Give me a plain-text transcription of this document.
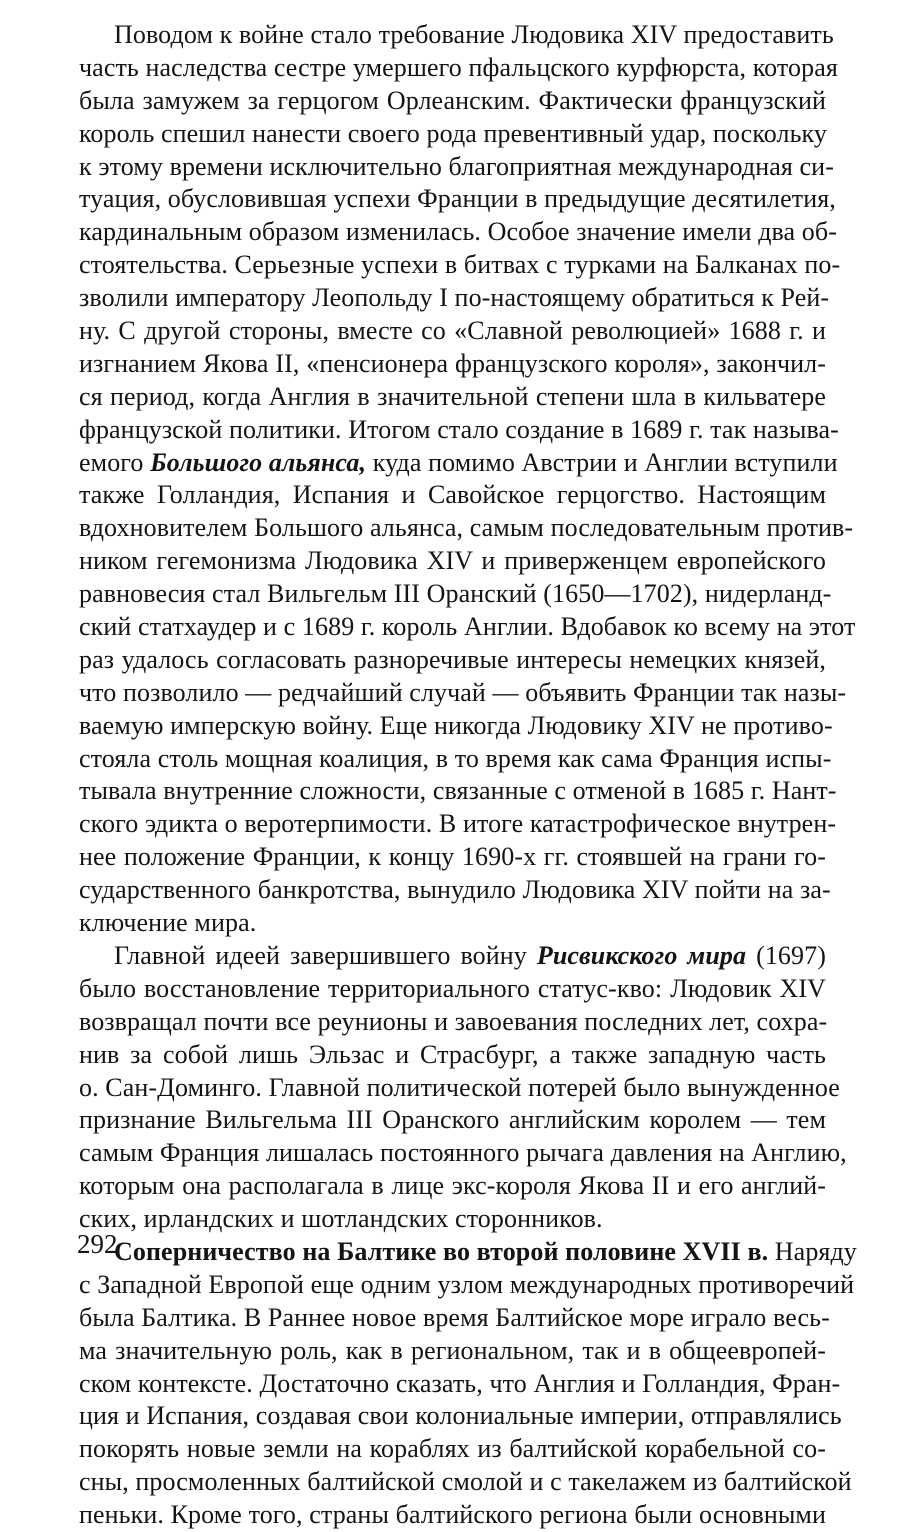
Поводом к войне стало требование Людовика XIV предоставить
часть наследства сестре умершего пфальцского курфюрста, которая
была замужем за герцогом Орлеанским. Фактически французский
король спешил нанести своего рода превентивный удар, поскольку
к этому времени исключительно благоприятная международная си-
туация, обусловившая успехи Франции в предыдущие десятилетия,
кардинальным образом изменилась. Особое значение имели два об-
стоятельства. Серьезные успехи в битвах с турками на Балканах по-
зволили императору Леопольду I по-настоящему обратиться к Рей-
ну. С другой стороны, вместе со «Славной революцией» 1688 г. и
изгнанием Якова II, «пенсионера французского короля», закончил-
ся период, когда Англия в значительной степени шла в кильватере
французской политики. Итогом стало создание в 1689 г. так называ-
емого Большого альянса, куда помимо Австрии и Англии вступили
также Голландия, Испания и Савойское герцогство. Настоящим
вдохновителем Большого альянса, самым последовательным против-
ником гегемонизма Людовика XIV и приверженцем европейского
равновесия стал Вильгельм III Оранский (1650—1702), нидерланд-
ский статхаудер и с 1689 г. король Англии. Вдобавок ко всему на этот
раз удалось согласовать разноречивые интересы немецких князей,
что позволило — редчайший случай — объявить Франции так назы-
ваемую имперскую войну. Еще никогда Людовику XIV не противо-
стояла столь мощная коалиция, в то время как сама Франция испы-
тывала внутренние сложности, связанные с отменой в 1685 г. Нант-
ского эдикта о веротерпимости. В итоге катастрофическое внутрен-
нее положение Франции, к концу 1690-х гг. стоявшей на грани го-
сударственного банкротства, вынудило Людовика XIV пойти на за-
ключение мира.
Главной идеей завершившего войну Рисвикского мира (1697)
было восстановление территориального статус-кво: Людовик XIV
возвращал почти все реунионы и завоевания последних лет, сохра-
нив за собой лишь Эльзас и Страсбург, а также западную часть
о. Сан-Доминго. Главной политической потерей было вынужденное
признание Вильгельма III Оранского английским королем — тем
самым Франция лишалась постоянного рычага давления на Англию,
которым она располагала в лице экс-короля Якова II и его англий-
ских, ирландских и шотландских сторонников.
Соперничество на Балтике во второй половине XVII в. Наряду
с Западной Европой еще одним узлом международных противоречий
была Балтика. В Раннее новое время Балтийское море играло весь-
ма значительную роль, как в региональном, так и в общеевропей-
ском контексте. Достаточно сказать, что Англия и Голландия, Фран-
ция и Испания, создавая свои колониальные империи, отправлялись
покорять новые земли на кораблях из балтийской корабельной со-
сны, просмоленных балтийской смолой и с такелажем из балтийской
пеньки. Кроме того, страны балтийского региона были основными
292
